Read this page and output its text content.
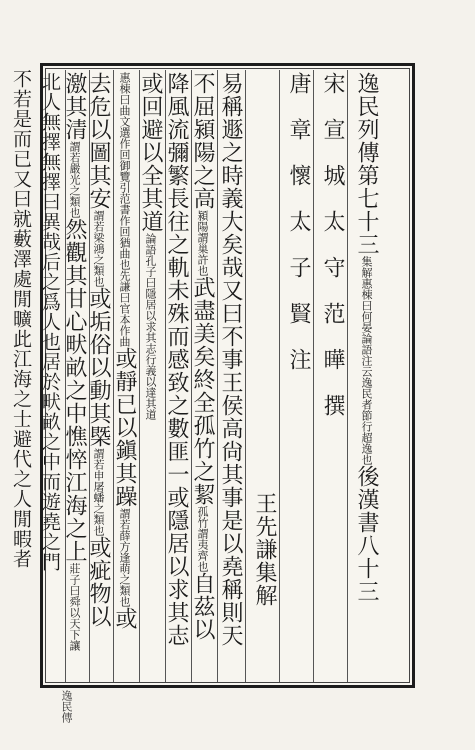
逸民列傳第七十三集解惠棟曰何晏論語注云逸民者節行超逸也後漢書八十三
宋　宣　城　太　守　范　曄　撰
唐　章　懷　太　子　賢　注
王先謙集解
易稱遯之時義大矣哉又曰不事王侯高尙其事是以堯稱則天
不屈潁陽之高潁陽謂巢許也武盡美矣終全孤竹之絜孤竹謂夷齊也自茲以
降風流彌繁長往之軌未殊而感致之數匪一或隱居以求其志
或回避以全其道論語孔子曰隱居以求其志行義以達其道
惠棟曰曲文選作回御覽引范書作回猶曲也先謙曰官本作曲或靜已以鎭其躁謂若薛方逢萌之類也或
去危以圖其安謂若梁鴻之類也或垢俗以動其槩謂若申屠蟠之類也或疵物以
激其清謂若嚴光之類也然觀其甘心畎畝之中憔悴江海之上莊子曰舜以天下讓
北人無擇無擇曰異哉后之爲人也居於畎畝之中而遊堯之門
不若是而已又曰就藪澤處閒曠此江海之士避代之人閒暇者
逸民傳
